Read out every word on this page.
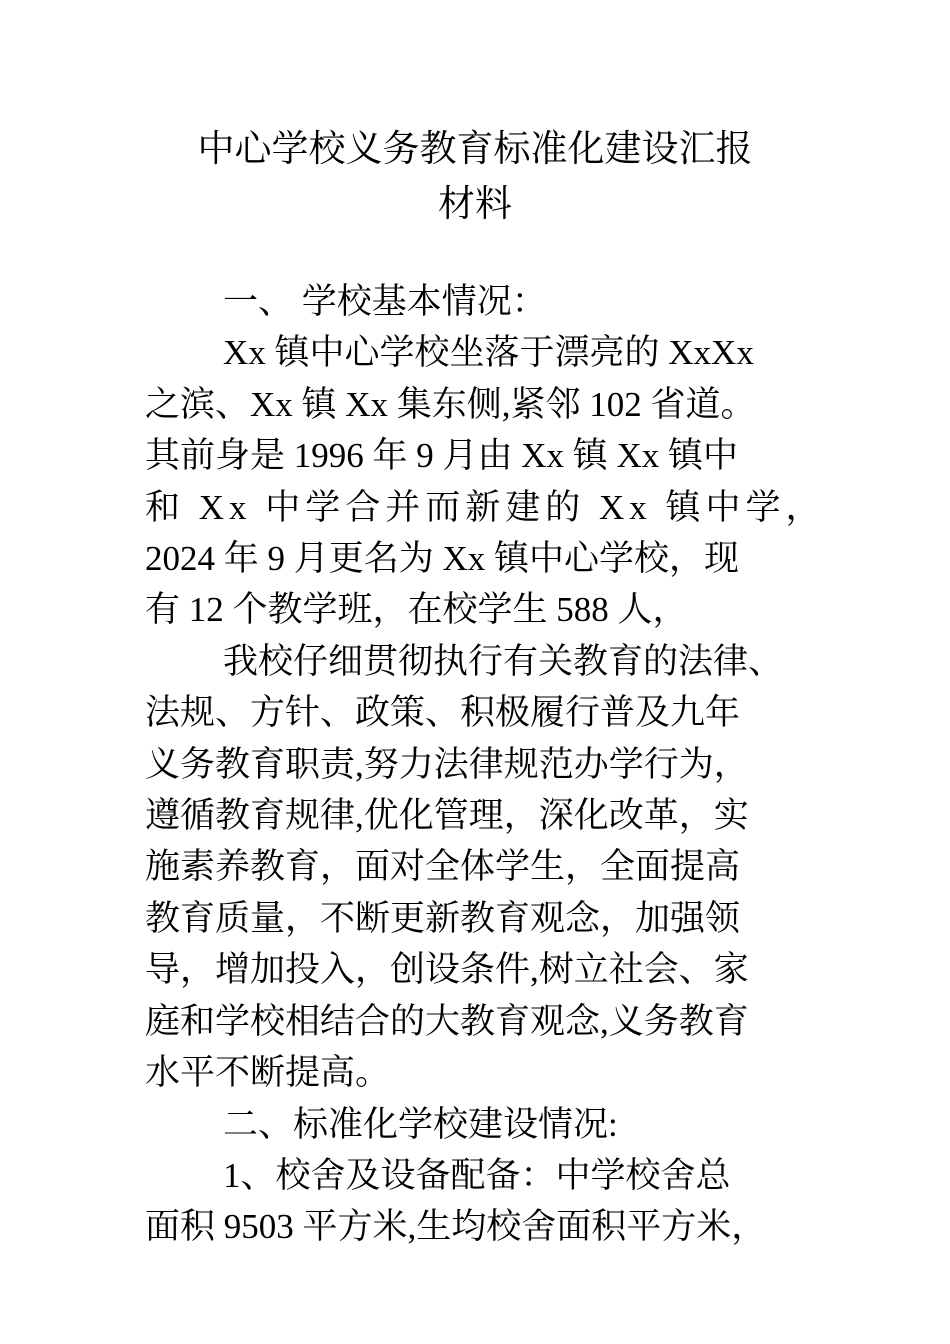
中心学校义务教育标准化建设汇报
材料

一、 学校基本情况：

Xx 镇中心学校坐落于漂亮的 XxXx
之滨、Xx 镇 Xx 集东侧,紧邻 102 省道。
其前身是 1996 年 9 月由 Xx 镇 Xx 镇中
和 Xx 中学合并而新建的 Xx 镇中学，
2024 年 9 月更名为 Xx 镇中心学校，现
有 12 个教学班，在校学生 588 人，

我校仔细贯彻执行有关教育的法律、
法规、方针、政策、积极履行普及九年
义务教育职责,努力法律规范办学行为，
遵循教育规律,优化管理，深化改革，实
施素养教育，面对全体学生，全面提高
教育质量，不断更新教育观念，加强领
导，增加投入，创设条件,树立社会、家
庭和学校相结合的大教育观念,义务教育
水平不断提高。

二、标准化学校建设情况:

1、校舍及设备配备：中学校舍总
面积 9503 平方米,生均校舍面积平方米，
